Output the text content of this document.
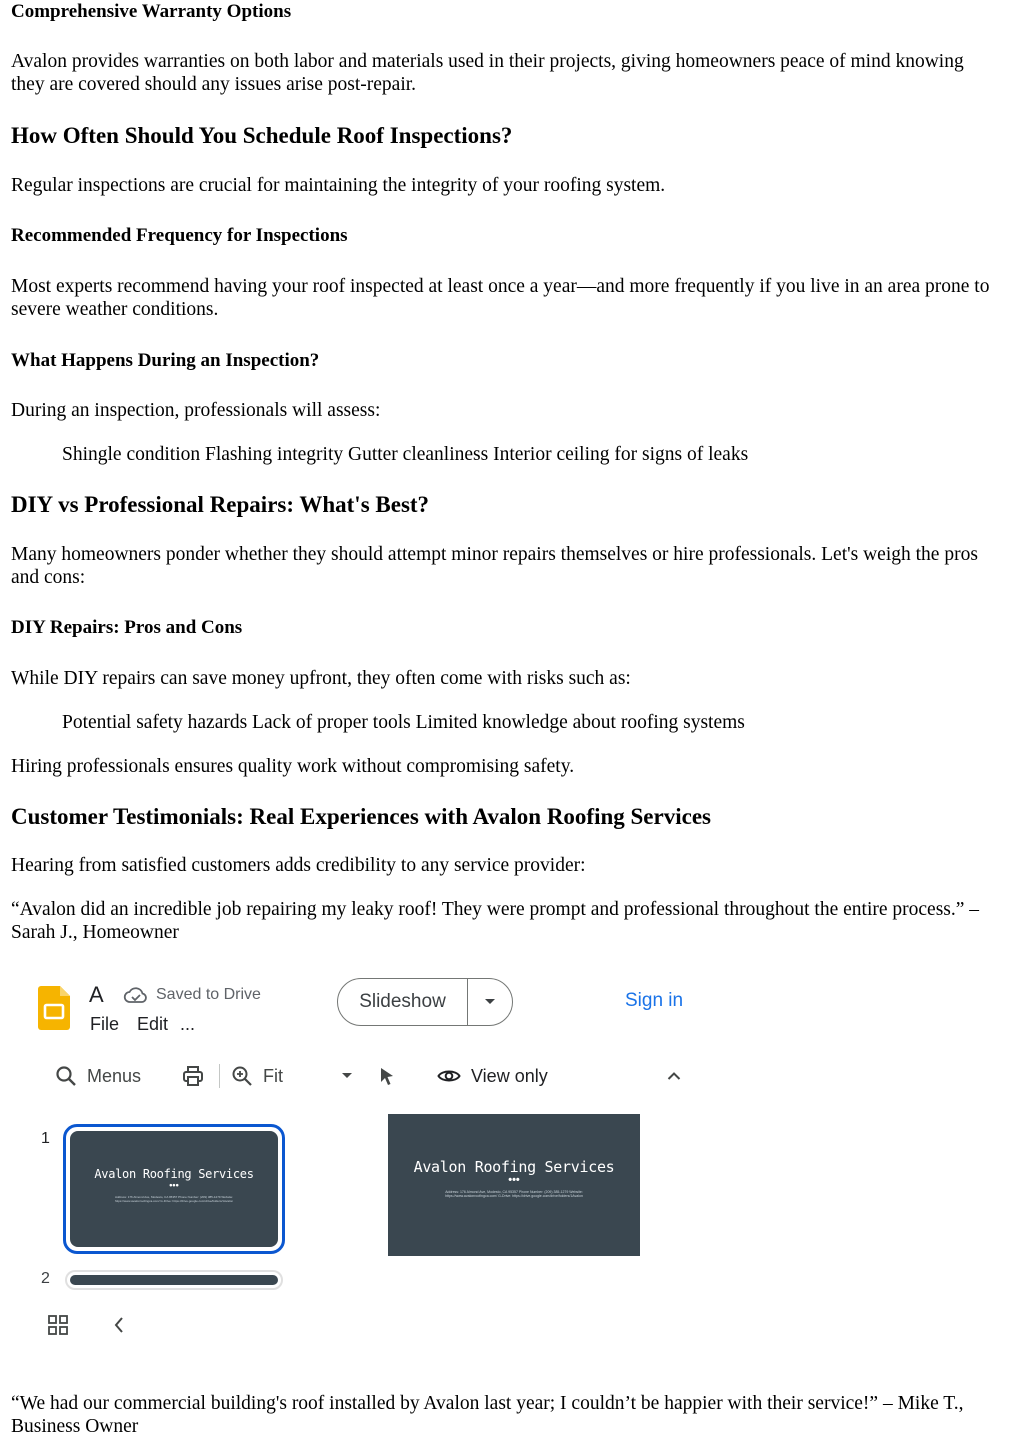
Comprehensive Warranty Options

Avalon provides warranties on both labor and materials used in their projects, giving homeowners peace of mind knowing they are covered should any issues arise post-repair.

How Often Should You Schedule Roof Inspections?

Regular inspections are crucial for maintaining the integrity of your roofing system.

Recommended Frequency for Inspections

Most experts recommend having your roof inspected at least once a year—and more frequently if you live in an area prone to severe weather conditions.

What Happens During an Inspection?

During an inspection, professionals will assess:

Shingle condition Flashing integrity Gutter cleanliness Interior ceiling for signs of leaks

DIY vs Professional Repairs: What's Best?

Many homeowners ponder whether they should attempt minor repairs themselves or hire professionals. Let's weigh the pros and cons:

DIY Repairs: Pros and Cons

While DIY repairs can save money upfront, they often come with risks such as:

Potential safety hazards Lack of proper tools Limited knowledge about roofing systems

Hiring professionals ensures quality work without compromising safety.

Customer Testimonials: Real Experiences with Avalon Roofing Services

Hearing from satisfied customers adds credibility to any service provider:

“Avalon did an incredible job repairing my leaky roof! They were prompt and professional throughout the entire process.” – Sarah J., Homeowner

“We had our commercial building's roof installed by Avalon last year; I couldn’t be happier with their service!” – Mike T., Business Owner

A	Saved to Drive
File Edit ...
Slideshow	Sign in
Menus	Fit	View only
1
Avalon Roofing Services
•••
Address: 176 Almond Ave, Modesto, CA 95357 Phone Number: (209) 385-1279 Website: https://www.avalonroofingca.com/ G-Drive: https://drive.google.com/drive/folders/1Avalon
2
Avalon Roofing Services
•••
Address: 176 Almond Ave, Modesto, CA 95357 Phone Number: (209) 385-1279 Website: https://www.avalonroofingca.com/ G-Drive: https://drive.google.com/drive/folders/1Avalon
